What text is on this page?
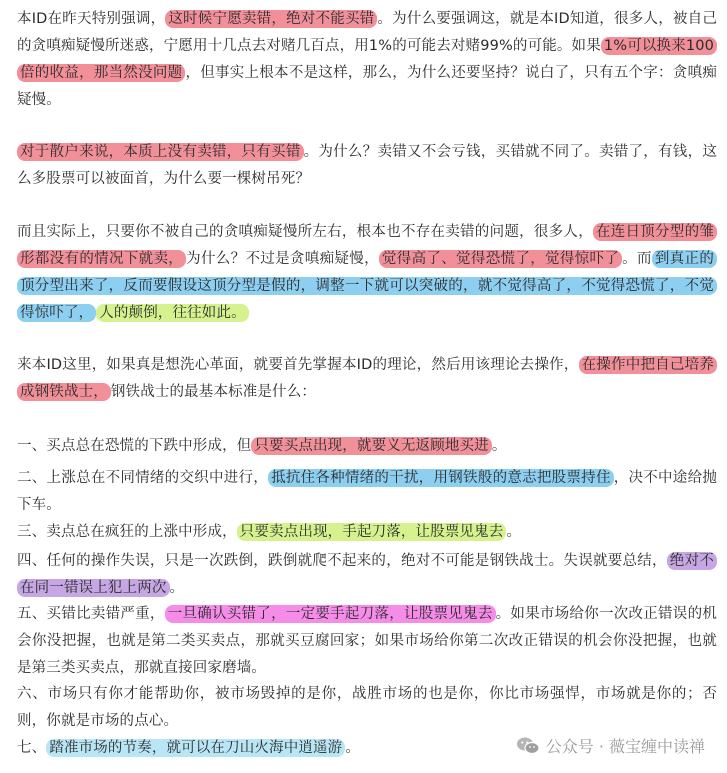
本ID在昨天特别强调， 这时候宁愿卖错，绝对不能买错 。为什么要强调这，就是本ID知道，很多人，被自己的贪嗔痴疑慢所迷惑，宁愿用十几点去对赌几百点，用1%的可能去对赌99%的可能。如果 1%可以换来100倍的收益，那当然没问题 ，但事实上根本不是这样，那么，为什么还要坚持？说白了，只有五个字：贪嗔痴疑慢。

对于散户来说，本质上没有卖错，只有买错 。为什么？卖错又不会亏钱，买错就不同了。卖错了，有钱，这么多股票可以被面首，为什么要一棵树吊死？

而且实际上，只要你不被自己的贪嗔痴疑慢所左右，根本也不存在卖错的问题，很多人， 在连日顶分型的雏形都没有的情况下就卖， 为什么？不过是贪嗔痴疑慢， 觉得高了、觉得恐慌了，觉得惊吓了 。而 到真正的顶分型出来了，反而要假设这顶分型是假的，调整一下就可以突破的，就不觉得高了，不觉得恐慌了，不觉得惊吓了， 人的颠倒，往往如此。

来本ID这里，如果真是想洗心革面，就要首先掌握本ID的理论，然后用该理论去操作， 在操作中把自己培养成钢铁战士， 钢铁战士的最基本标准是什么：

一、买点总在恐慌的下跌中形成，但 只要买点出现，就要义无返顾地买进 。

二、上涨总在不同情绪的交织中进行， 抵抗住各种情绪的干扰，用钢铁般的意志把股票持住 ，决不中途给抛下车。

三、卖点总在疯狂的上涨中形成， 只要卖点出现，手起刀落，让股票见鬼去 。

四、任何的操作失误，只是一次跌倒，跌倒就爬不起来的，绝对不可能是钢铁战士。失误就要总结， 绝对不在同一错误上犯上两次 。

五、买错比卖错严重， 一旦确认买错了，一定要手起刀落，让股票见鬼去 。如果市场给你一次改正错误的机会你没把握，也就是第二类买卖点，那就买豆腐回家；如果市场给你第二次改正错误的机会你没把握，也就是第三类买卖点，那就直接回家磨墙。

六、市场只有你才能帮助你，被市场毁掉的是你，战胜市场的也是你，你比市场强悍，市场就是你的；否则，你就是市场的点心。

七、 踏准市场的节奏，就可以在刀山火海中逍遥游 。	公众号 · 薇宝缠中读禅
